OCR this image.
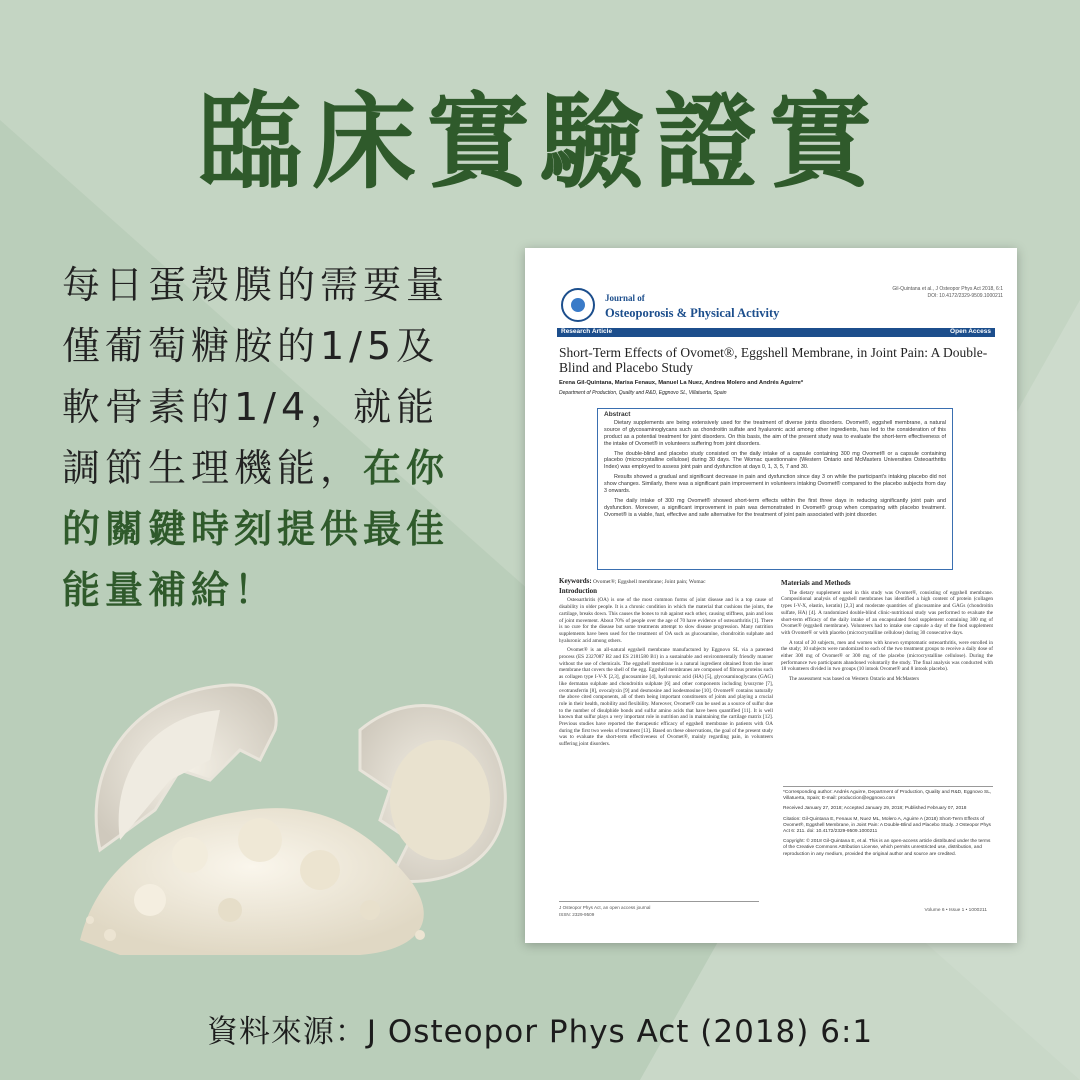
臨床實驗證實
每日蛋殼膜的需要量
僅葡萄糖胺的1/5及
軟骨素的1/4，就能
調節生理機能，在你
的關鍵時刻提供最佳
能量補給！
Gil-Quintana et al., J Osteopor Phys Act 2018, 6:1
DOI: 10.4172/2329-9509.1000211
Journal of
Osteoporosis & Physical Activity
Research Article	Open Access
Short-Term Effects of Ovomet®, Eggshell Membrane, in Joint Pain: A Double-Blind and Placebo Study
Erena Gil-Quintana, Marisa Fenaux, Manuel La Nuez, Andrea Molero and Andrés Aguirre*
Department of Production, Quality and R&D, Eggnovo SL, Villatuerta, Spain
Abstract

Dietary supplements are being extensively used for the treatment of diverse joints disorders. Ovomet®, eggshell membrane, a natural source of glycosaminoglycans such as chondroitin sulfate and hyaluronic acid among other ingredients, has led to the consideration of this product as a potential treatment for joint disorders. On this basis, the aim of the present study was to evaluate the short-term effectiveness of the intake of Ovomet® in volunteers suffering from joint disorders.

The double-blind and placebo study consisted on the daily intake of a capsule containing 300 mg Ovomet® or a capsule containing placebo (microcrystalline cellulose) during 30 days. The Womac questionnaire (Western Ontario and McMasters Universities Osteoarthritis Index) was employed to assess joint pain and dysfunction at days 0, 1, 3, 5, 7 and 30.

Results showed a gradual and significant decrease in pain and dysfunction since day 3 on while the participant's intaking placebo did not show changes. Similarly, there was a significant pain improvement in volunteers intaking Ovomet® compared to the placebo subjects from day 3 onwards.

The daily intake of 300 mg Ovomet® showed short-term effects within the first three days in reducing significantly joint pain and dysfunction. Moreover, a significant improvement in pain was demonstrated in Ovomet® group when comparing with placebo treatment. Ovomet® is a viable, fast, effective and safe alternative for the treatment of joint pain associated with joint disorder.

Keywords: Ovomet®; Eggshell membrane; Joint pain; Womac
Introduction

Osteoarthritis (OA) is one of the most common forms of joint disease and is a top cause of disability in older people. It is a chronic condition in which the material that cushions the joints, the cartilage, breaks down. This causes the bones to rub against each other, causing stiffness, pain and loss of joint movement. About 70% of people over the age of 70 have evidence of osteoarthritis [1]. There is no cure for the disease but some treatments attempt to slow disease progression. Many nutrition supplements have been used for the treatment of OA such as glucosamine, chondroitin sulphate and hyaluronic acid among others.

Ovomet® is an all-natural eggshell membrane manufactured by Eggnovo SL via a patented process (ES 2327087 B2 and ES 2181580 B1) in a sustainable and environmentally friendly manner without the use of chemicals. The eggshell membrane is a natural ingredient obtained from the inner membrane that covers the shell of the egg. Eggshell membranes are composed of fibrous proteins such as collagen type I-V-X [2,3], glucosamine [4], hyaluronic acid (HA) [5], glycosaminoglycans (GAG) like dermatan sulphate and chondroitin sulphate [6] and other components including lysozyme [7], ovotransferrin [8], ovocalyxin [9] and desmosine and isodesmosine [10]. Ovomet® contains naturally the above cited components, all of them being important constituents of joints and playing a crucial role in their health, mobility and flexibility. Moreover, Ovomet® can be used as a source of sulfur due to the number of disulphide bonds and sulfur amino acids that have been quantified [11]. It is well known that sulfur plays a very important role in nutrition and in maintaining the cartilage matrix [12]. Previous studies have reported the therapeutic efficacy of eggshell membrane in patients with OA during the first two weeks of treatment [13]. Based on these observations, the goal of the present study was to evaluate the short-term effectiveness of Ovomet®, mainly regarding pain, in volunteers suffering joint disorders.

Materials and Methods

The dietary supplement used in this study was Ovomet®, consisting of eggshell membrane. Compositional analysis of eggshell membranes has identified a high content of protein (collagen types I-V-X, elastin, keratin) [2,3] and moderate quantities of glucosamine and GAGs (chondroitin sulfate, HA) [4]. A randomized double-blind clinic-nutritional study was performed to evaluate the short-term efficacy of the daily intake of an encapsulated food supplement containing 300 mg of Ovomet® (eggshell membrane). Volunteers had to intake one capsule a day of the food supplement with Ovomet® or with placebo (microcrystalline cellulose) during 30 consecutive days.

A total of 20 subjects, men and women with known symptomatic osteoarthritis, were enrolled in the study; 10 subjects were randomized to each of the two treatment groups to receive a daily dose of either 300 mg of Ovomet® or 300 mg of the placebo (microcrystalline cellulose). During the performance two participants abandoned voluntarily the study. The final analysis was conducted with 18 volunteers divided in two groups (10 intook Ovomet® and 8 intook placebo).

The assessment was based on Western Ontario and McMasters

*Corresponding author: Andrés Aguirre, Department of Production, Quality and R&D, Eggnovo SL, Villatuerta, Spain; E-mail: produccion@eggnovo.com

Received January 27, 2018; Accepted January 29, 2018; Published February 07, 2018

Citation: Gil-Quintana E, Fenaux M, Nuez ML, Molero A, Aguirre A (2018) Short-Term Effects of Ovomet®, Eggshell Membrane, in Joint Pain: A Double-Blind and Placebo Study. J Osteopor Phys Act 6: 211. doi: 10.4172/2329-9509.1000211

Copyright: © 2018 Gil-Quintana E, et al. This is an open-access article distributed under the terms of the Creative Commons Attribution License, which permits unrestricted use, distribution, and reproduction in any medium, provided the original author and source are credited.

J Osteopor Phys Act, an open access journal
ISSN: 2329-9509
Volume 6 • Issue 1 • 1000211
資料來源：J Osteopor Phys Act (2018) 6:1
